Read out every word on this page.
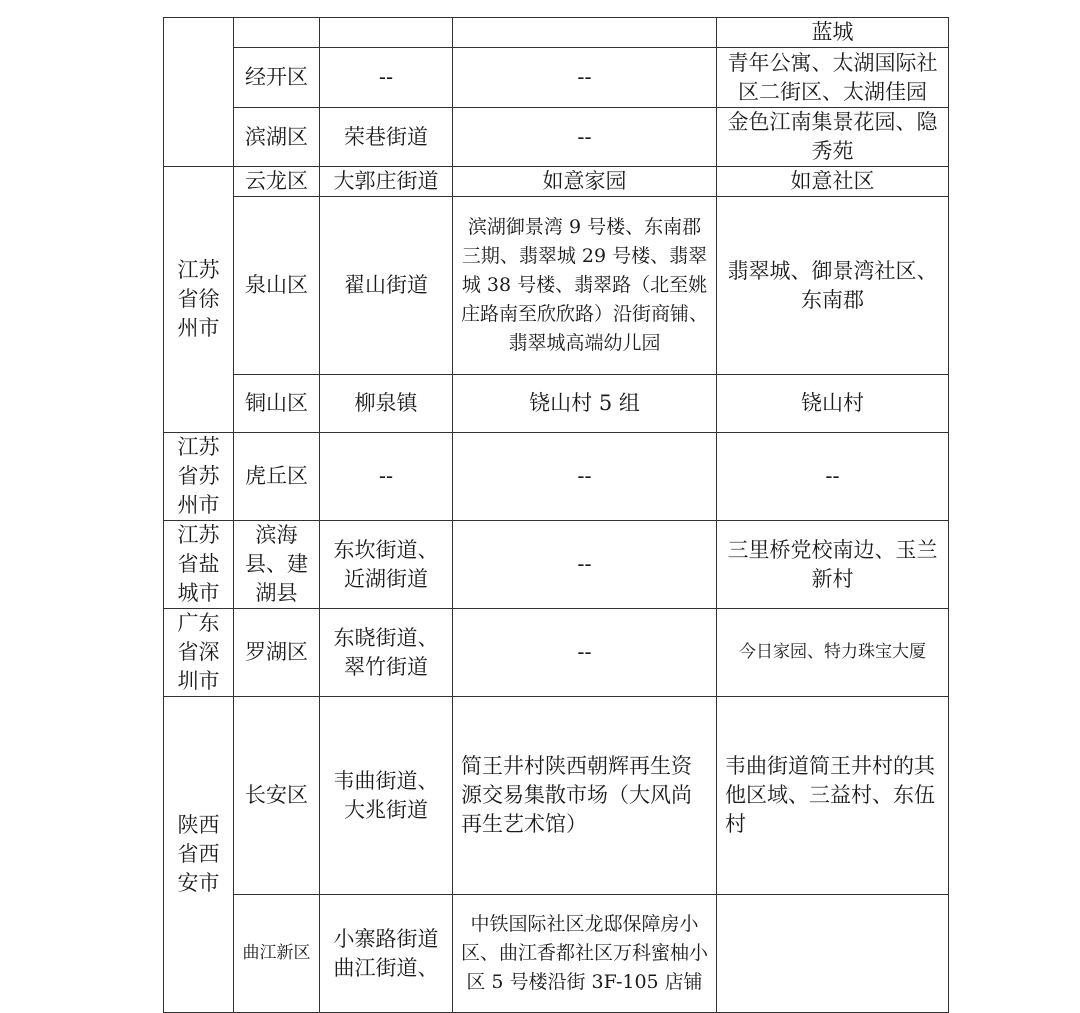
				蓝城
	经开区	--	--	青年公寓、太湖国际社区二街区、太湖佳园
	滨湖区	荣巷街道	--	金色江南集景花园、隐秀苑
江苏省徐州市	云龙区	大郭庄街道	如意家园	如意社区
	泉山区	翟山街道	滨湖御景湾 9 号楼、东南郡三期、翡翠城 29 号楼、翡翠城 38 号楼、翡翠路（北至姚庄路南至欣欣路）沿街商铺、翡翠城高端幼儿园	翡翠城、御景湾社区、东南郡
	铜山区	柳泉镇	铙山村 5 组	铙山村
江苏省苏州市	虎丘区	--	--	--
江苏省盐城市	滨海县、建湖县	东坎街道、近湖街道	--	三里桥党校南边、玉兰新村
广东省深圳市	罗湖区	东晓街道、翠竹街道	--	今日家园、特力珠宝大厦
陕西省西安市	长安区	韦曲街道、大兆街道	简王井村陕西朝辉再生资源交易集散市场（大风尚再生艺术馆）	韦曲街道简王井村的其他区域、三益村、东伍村
	曲江新区	小寨路街道曲江街道、	中铁国际社区龙邸保障房小区、曲江香都社区万科蜜柚小区 5 号楼沿街 3F-105 店铺	
